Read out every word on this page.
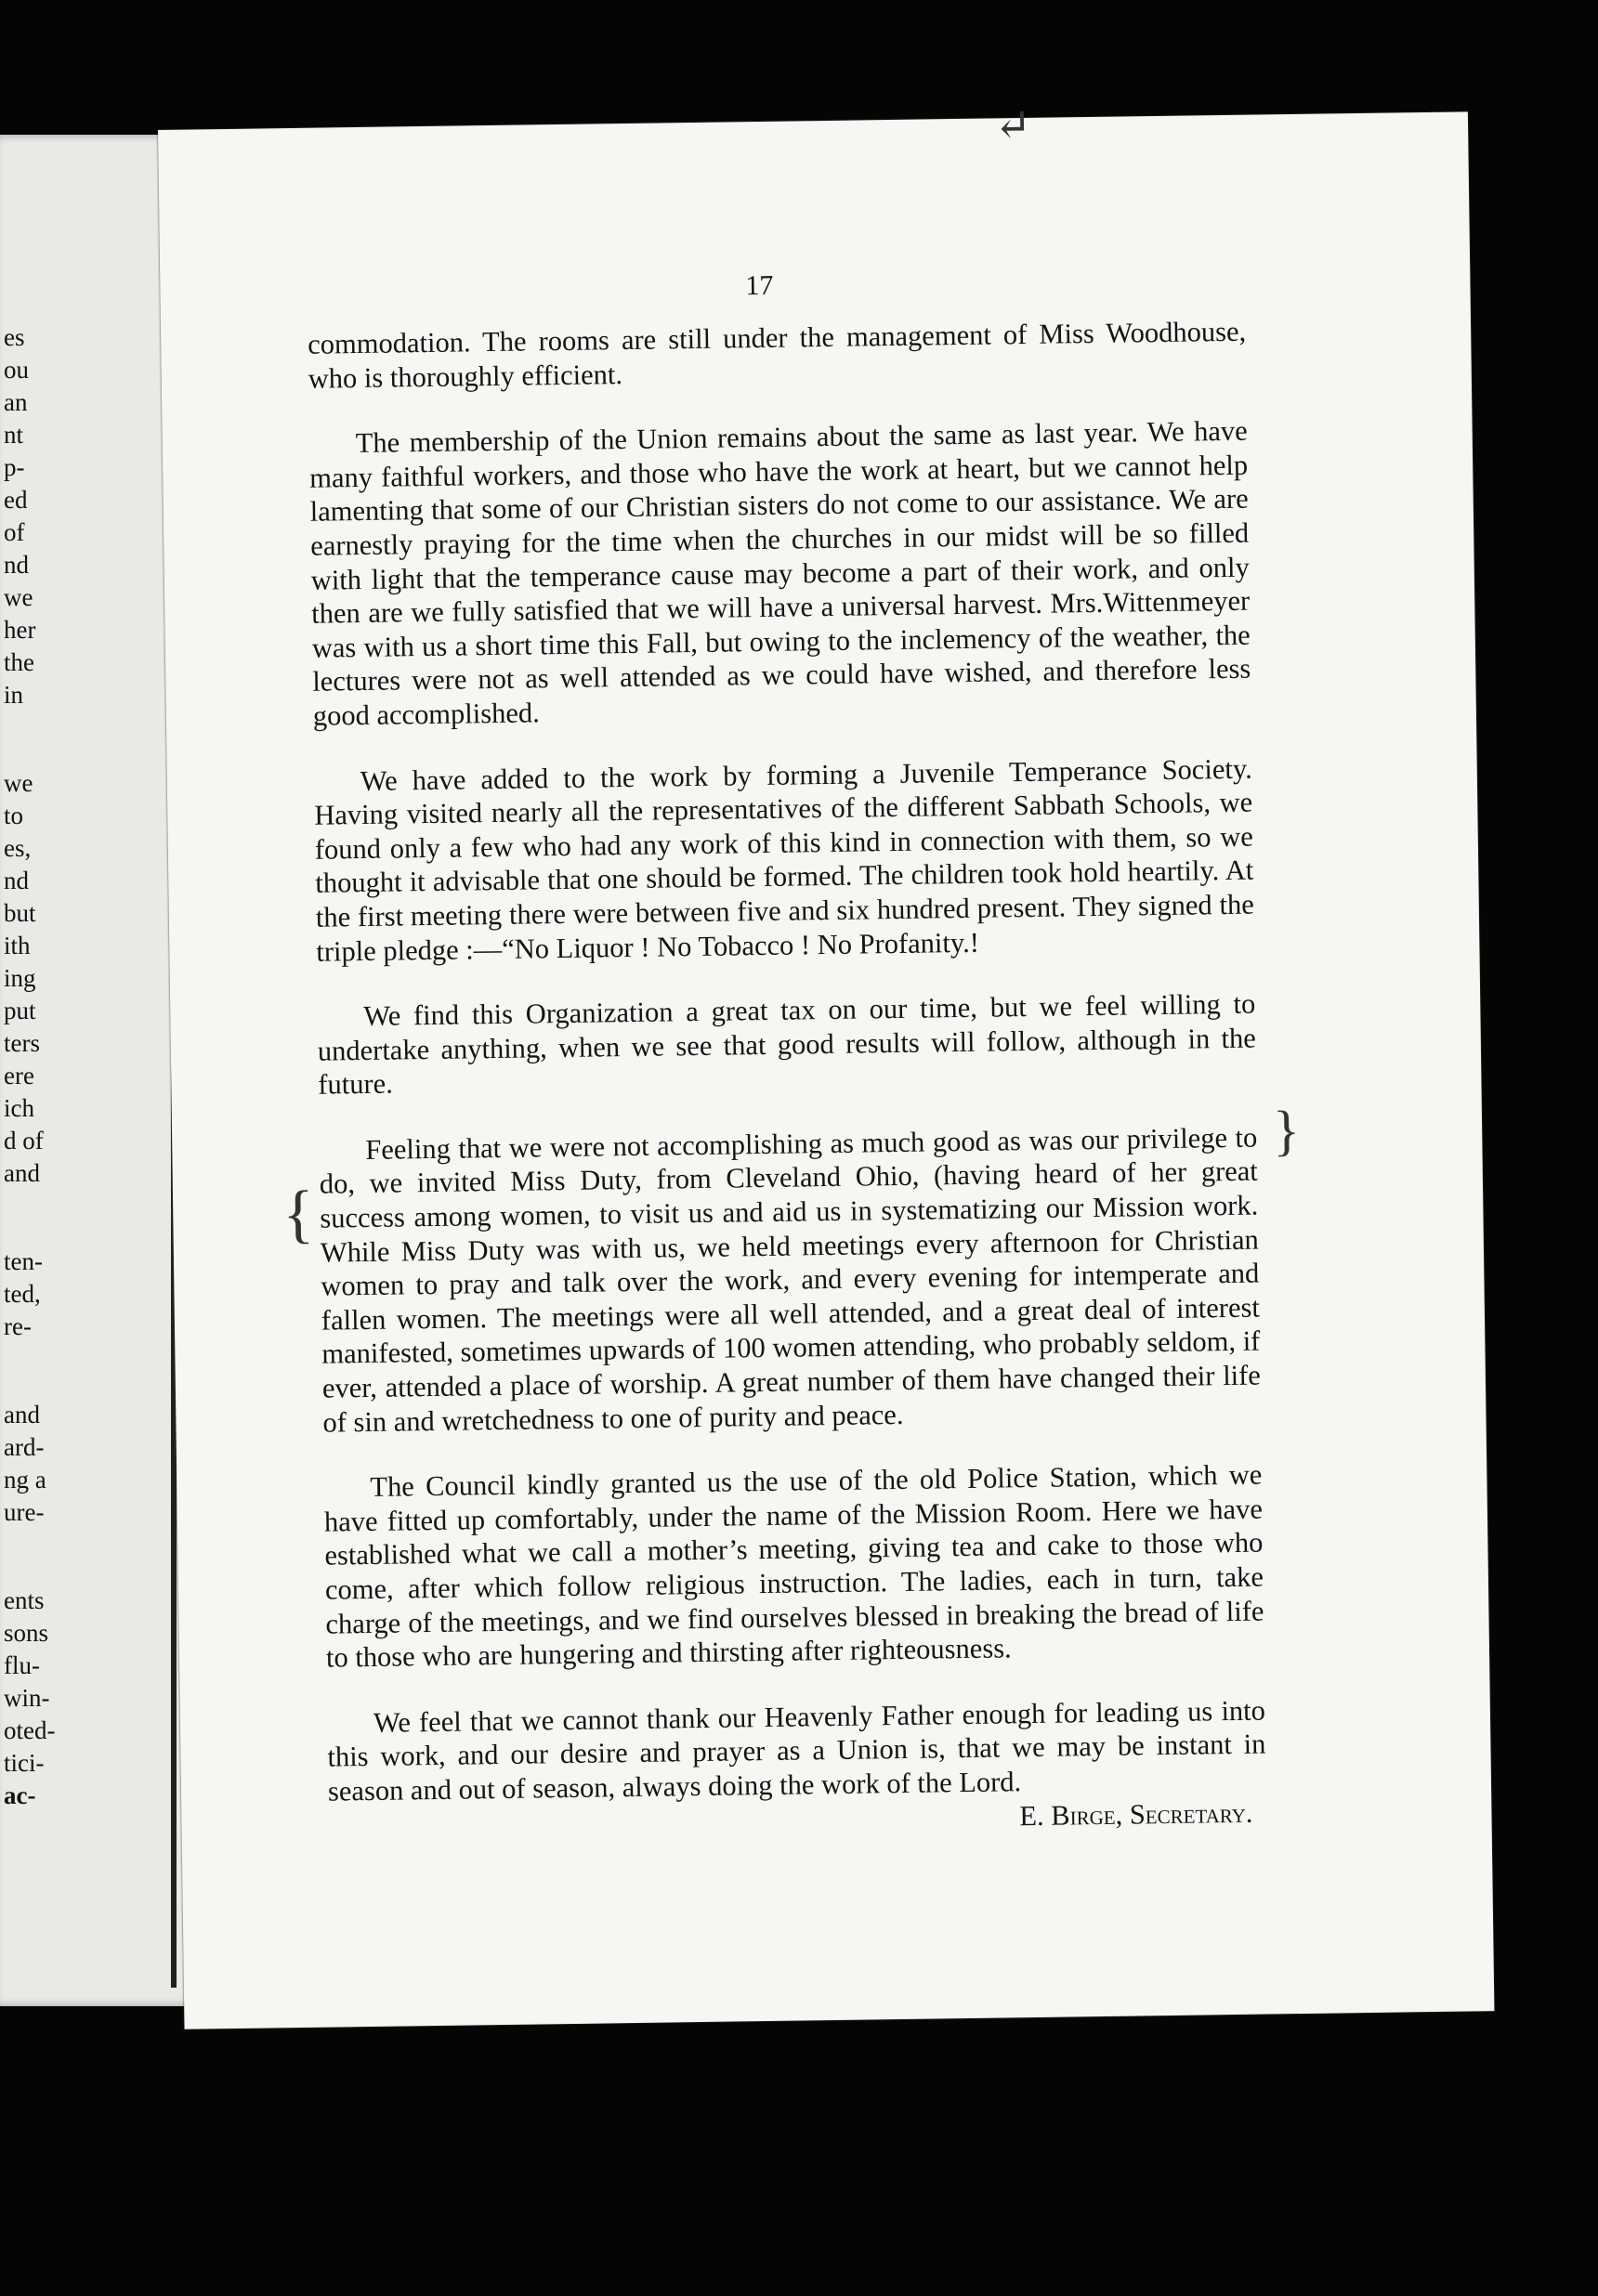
es
ou
an
nt
p-
ed
of
nd
we
her
the
in
we
to
es,
nd
but
ith
ing
put
ters
ere
ich
d of
and
ten-
ted,
re-
and
ard-
ng a
ure-
ents
sons
flu-
win-
oted-
tici-
ac-
17

commodation. The rooms are still under the management of Miss Woodhouse, who is thoroughly efficient.

The membership of the Union remains about the same as last year. We have many faithful workers, and those who have the work at heart, but we cannot help lamenting that some of our Christian sisters do not come to our assistance. We are earnestly praying for the time when the churches in our midst will be so filled with light that the temperance cause may become a part of their work, and only then are we fully satisfied that we will have a universal harvest. Mrs.Wittenmeyer was with us a short time this Fall, but owing to the inclemency of the weather, the lectures were not as well attended as we could have wished, and therefore less good accomplished.

We have added to the work by forming a Juvenile Temperance Society. Having visited nearly all the representatives of the different Sabbath Schools, we found only a few who had any work of this kind in connection with them, so we thought it advisable that one should be formed. The children took hold heartily. At the first meeting there were between five and six hundred present. They signed the triple pledge :—“No Liquor ! No Tobacco ! No Profanity.!

We find this Organization a great tax on our time, but we feel willing to undertake anything, when we see that good results will follow, although in the future.

Feeling that we were not accomplishing as much good as was our privilege to do, we invited Miss Duty, from Cleveland Ohio, (having heard of her great success among women, to visit us and aid us in systematizing our Mission work. While Miss Duty was with us, we held meetings every afternoon for Christian women to pray and talk over the work, and every evening for intemperate and fallen women. The meetings were all well attended, and a great deal of interest manifested, sometimes upwards of 100 women attending, who probably seldom, if ever, attended a place of worship. A great number of them have changed their life of sin and wretchedness to one of purity and peace.

The Council kindly granted us the use of the old Police Station, which we have fitted up comfortably, under the name of the Mission Room. Here we have established what we call a mother’s meeting, giving tea and cake to those who come, after which follow religious instruction. The ladies, each in turn, take charge of the meetings, and we find ourselves blessed in breaking the bread of life to those who are hungering and thirsting after righteousness.

We feel that we cannot thank our Heavenly Father enough for leading us into this work, and our desire and prayer as a Union is, that we may be instant in season and out of season, always doing the work of the Lord.

E. Birge, Secretary.
↵
}
{
